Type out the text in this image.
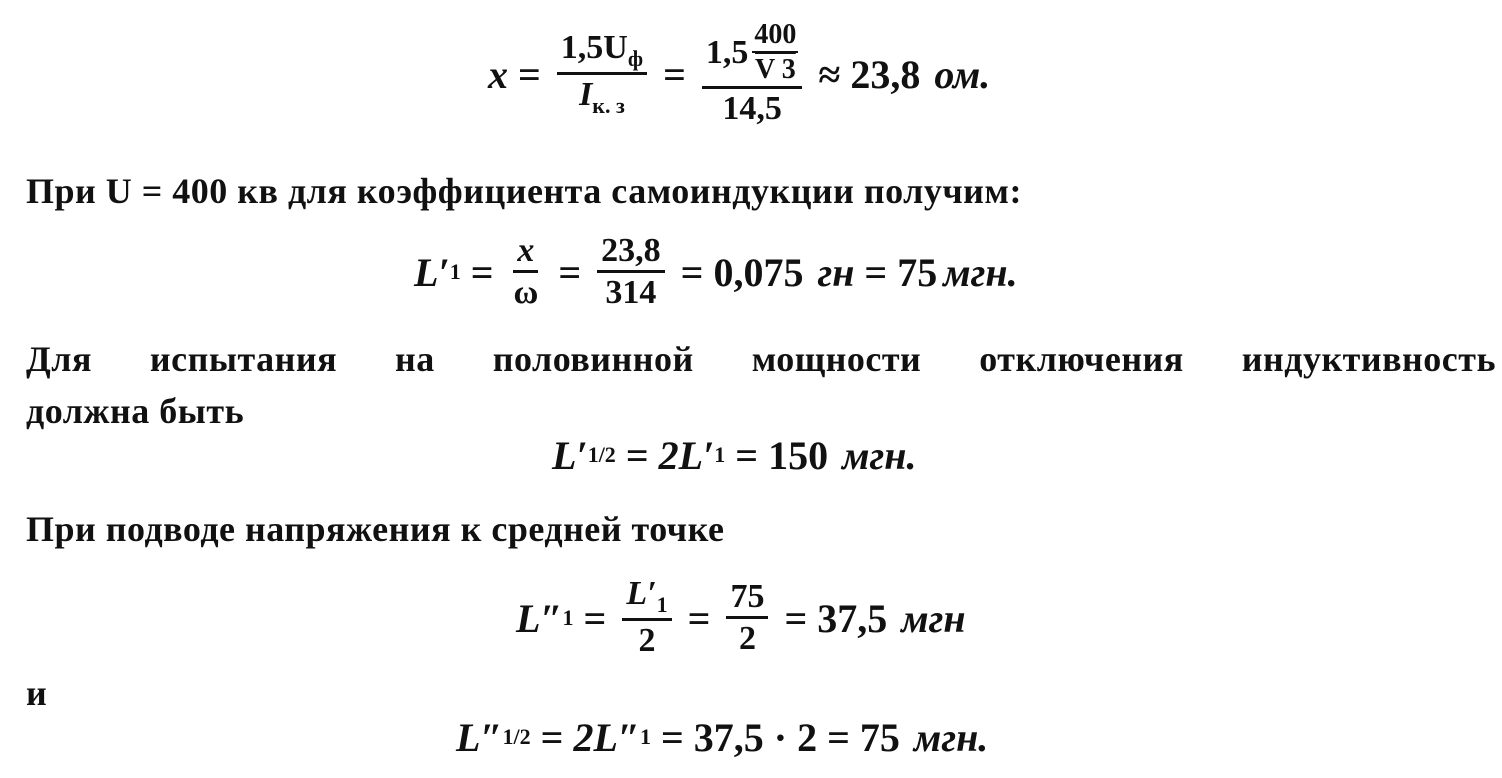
$x = \frac{1,5U_ф}{I_{к. з}} = 1,5$ 400
V 3
14,5 ≈ 23,8 ом.
При U = 400 кв для коэффициента самоиндукции получим:
L′ $1 = \frac{x}{\omega} = \frac{23,8}{314} = 0,075$ гн = 75 мгн.
Для испытания на половинной мощности отключения индуктивность
должна быть
L′ 1/2 = 2L′ 1 = 150 мгн.
При подводе напряжения к средней точке
L″ $1 = \frac{L'_1}{2} = \frac{75}{2} = 37,5$ мгн
и
L″ 1/2 = 2L″ 1 = 37,5 · 2 = 75 мгн.
